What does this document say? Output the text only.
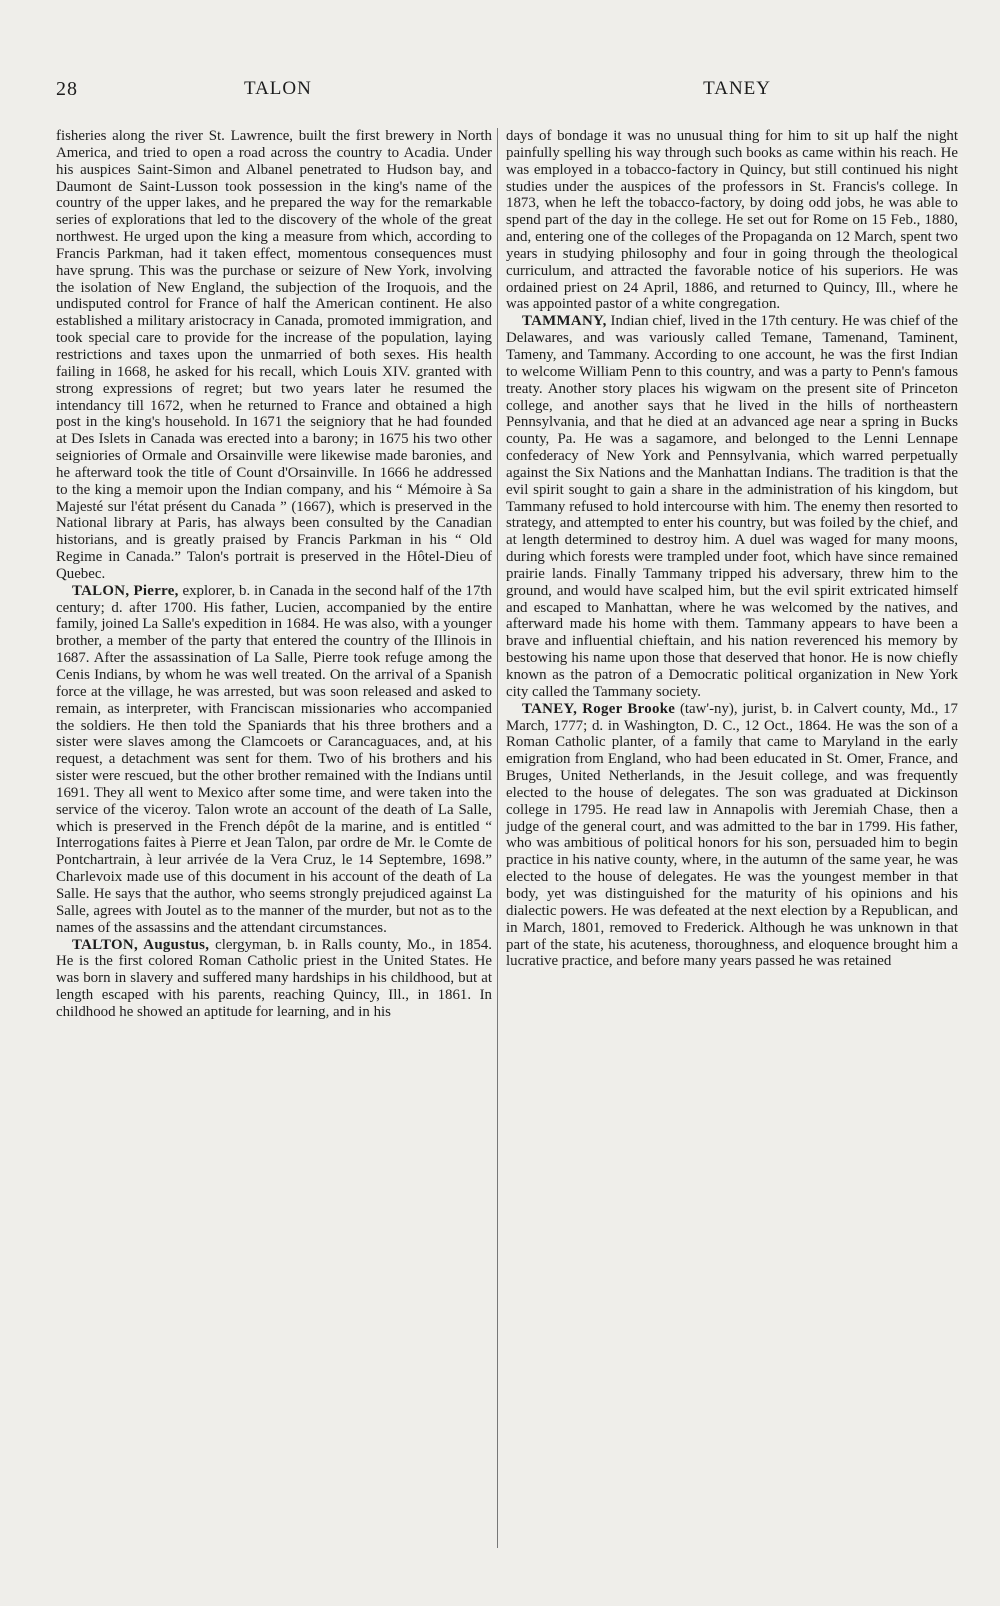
28	TALON	TANEY

fisheries along the river St. Lawrence, built the first brewery in North America, and tried to open a road across the country to Acadia. Under his auspices Saint-Simon and Albanel penetrated to Hudson bay, and Daumont de Saint-Lusson took possession in the king's name of the country of the upper lakes, and he prepared the way for the remarkable series of explorations that led to the discovery of the whole of the great northwest. He urged upon the king a measure from which, according to Francis Parkman, had it taken effect, momentous consequences must have sprung. This was the purchase or seizure of New York, involving the isolation of New England, the subjection of the Iroquois, and the undisputed control for France of half the American continent. He also established a military aristocracy in Canada, promoted immigration, and took special care to provide for the increase of the population, laying restrictions and taxes upon the unmarried of both sexes. His health failing in 1668, he asked for his recall, which Louis XIV. granted with strong expressions of regret; but two years later he resumed the intendancy till 1672, when he returned to France and obtained a high post in the king's household. In 1671 the seigniory that he had founded at Des Islets in Canada was erected into a barony; in 1675 his two other seigniories of Ormale and Orsainville were likewise made baronies, and he afterward took the title of Count d'Orsainville. In 1666 he addressed to the king a memoir upon the Indian company, and his “ Mémoire à Sa Majesté sur l'état présent du Canada ” (1667), which is preserved in the National library at Paris, has always been consulted by the Canadian historians, and is greatly praised by Francis Parkman in his “ Old Regime in Canada.” Talon's portrait is preserved in the Hôtel-Dieu of Quebec.

TALON, Pierre, explorer, b. in Canada in the second half of the 17th century; d. after 1700. His father, Lucien, accompanied by the entire family, joined La Salle's expedition in 1684. He was also, with a younger brother, a member of the party that entered the country of the Illinois in 1687. After the assassination of La Salle, Pierre took refuge among the Cenis Indians, by whom he was well treated. On the arrival of a Spanish force at the village, he was arrested, but was soon released and asked to remain, as interpreter, with Franciscan missionaries who accompanied the soldiers. He then told the Spaniards that his three brothers and a sister were slaves among the Clamcoets or Carancaguaces, and, at his request, a detachment was sent for them. Two of his brothers and his sister were rescued, but the other brother remained with the Indians until 1691. They all went to Mexico after some time, and were taken into the service of the viceroy. Talon wrote an account of the death of La Salle, which is preserved in the French dépôt de la marine, and is entitled “ Interrogations faites à Pierre et Jean Talon, par ordre de Mr. le Comte de Pontchartrain, à leur arrivée de la Vera Cruz, le 14 Septembre, 1698.” Charlevoix made use of this document in his account of the death of La Salle. He says that the author, who seems strongly prejudiced against La Salle, agrees with Joutel as to the manner of the murder, but not as to the names of the assassins and the attendant circumstances.

TALTON, Augustus, clergyman, b. in Ralls county, Mo., in 1854. He is the first colored Roman Catholic priest in the United States. He was born in slavery and suffered many hardships in his childhood, but at length escaped with his parents, reaching Quincy, Ill., in 1861. In childhood he showed an aptitude for learning, and in his

days of bondage it was no unusual thing for him to sit up half the night painfully spelling his way through such books as came within his reach. He was employed in a tobacco-factory in Quincy, but still continued his night studies under the auspices of the professors in St. Francis's college. In 1873, when he left the tobacco-factory, by doing odd jobs, he was able to spend part of the day in the college. He set out for Rome on 15 Feb., 1880, and, entering one of the colleges of the Propaganda on 12 March, spent two years in studying philosophy and four in going through the theological curriculum, and attracted the favorable notice of his superiors. He was ordained priest on 24 April, 1886, and returned to Quincy, Ill., where he was appointed pastor of a white congregation.

TAMMANY, Indian chief, lived in the 17th century. He was chief of the Delawares, and was variously called Temane, Tamenand, Taminent, Tameny, and Tammany. According to one account, he was the first Indian to welcome William Penn to this country, and was a party to Penn's famous treaty. Another story places his wigwam on the present site of Princeton college, and another says that he lived in the hills of northeastern Pennsylvania, and that he died at an advanced age near a spring in Bucks county, Pa. He was a sagamore, and belonged to the Lenni Lennape confederacy of New York and Pennsylvania, which warred perpetually against the Six Nations and the Manhattan Indians. The tradition is that the evil spirit sought to gain a share in the administration of his kingdom, but Tammany refused to hold intercourse with him. The enemy then resorted to strategy, and attempted to enter his country, but was foiled by the chief, and at length determined to destroy him. A duel was waged for many moons, during which forests were trampled under foot, which have since remained prairie lands. Finally Tammany tripped his adversary, threw him to the ground, and would have scalped him, but the evil spirit extricated himself and escaped to Manhattan, where he was welcomed by the natives, and afterward made his home with them. Tammany appears to have been a brave and influential chieftain, and his nation reverenced his memory by bestowing his name upon those that deserved that honor. He is now chiefly known as the patron of a Democratic political organization in New York city called the Tammany society.

TANEY, Roger Brooke (taw'-ny), jurist, b. in Calvert county, Md., 17 March, 1777; d. in Washington, D. C., 12 Oct., 1864. He was the son of a Roman Catholic planter, of a family that came to Maryland in the early emigration from England, who had been educated in St. Omer, France, and Bruges, United Netherlands, in the Jesuit college, and was frequently elected to the house of delegates. The son was graduated at Dickinson college in 1795. He read law in Annapolis with Jeremiah Chase, then a judge of the general court, and was admitted to the bar in 1799. His father, who was ambitious of political honors for his son, persuaded him to begin practice in his native county, where, in the autumn of the same year, he was elected to the house of delegates. He was the youngest member in that body, yet was distinguished for the maturity of his opinions and his dialectic powers. He was defeated at the next election by a Republican, and in March, 1801, removed to Frederick. Although he was unknown in that part of the state, his acuteness, thoroughness, and eloquence brought him a lucrative practice, and before many years passed he was retained
